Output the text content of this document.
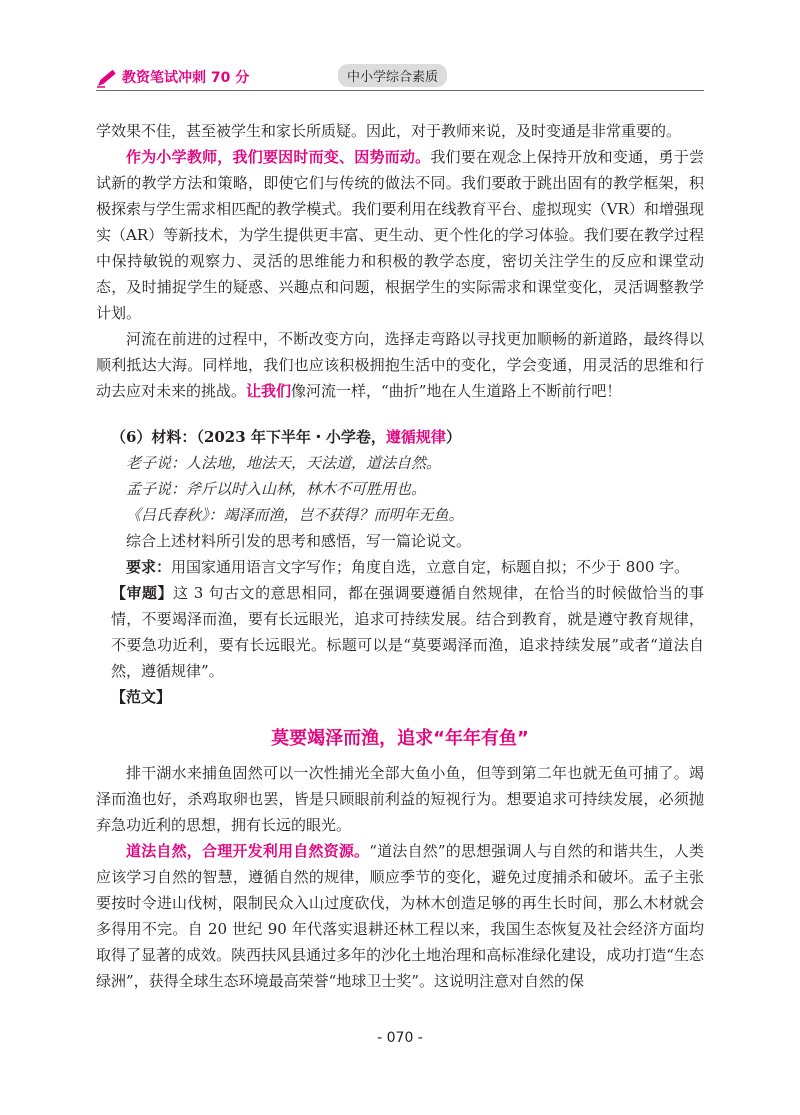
教资笔试冲刺 70 分	中小学综合素质

学效果不佳，甚至被学生和家长所质疑。因此，对于教师来说，及时变通是非常重要的。

作为小学教师，我们要因时而变、因势而动。我们要在观念上保持开放和变通，勇于尝试新的教学方法和策略，即使它们与传统的做法不同。我们要敢于跳出固有的教学框架，积极探索与学生需求相匹配的教学模式。我们要利用在线教育平台、虚拟现实（VR）和增强现实（AR）等新技术，为学生提供更丰富、更生动、更个性化的学习体验。我们要在教学过程中保持敏锐的观察力、灵活的思维能力和积极的教学态度，密切关注学生的反应和课堂动态，及时捕捉学生的疑惑、兴趣点和问题，根据学生的实际需求和课堂变化，灵活调整教学计划。

河流在前进的过程中，不断改变方向，选择走弯路以寻找更加顺畅的新道路，最终得以顺利抵达大海。同样地，我们也应该积极拥抱生活中的变化，学会变通，用灵活的思维和行动去应对未来的挑战。让我们像河流一样，“曲折”地在人生道路上不断前行吧！

（6）材料：（2023 年下半年・小学卷，遵循规律）

老子说：人法地，地法天，天法道，道法自然。

孟子说：斧斤以时入山林，林木不可胜用也。

《吕氏春秋》：竭泽而渔，岂不获得？而明年无鱼。

综合上述材料所引发的思考和感悟，写一篇论说文。

要求：用国家通用语言文字写作；角度自选，立意自定，标题自拟；不少于 800 字。

【审题】这 3 句古文的意思相同，都在强调要遵循自然规律，在恰当的时候做恰当的事情，不要竭泽而渔，要有长远眼光，追求可持续发展。结合到教育，就是遵守教育规律，不要急功近利，要有长远眼光。标题可以是“莫要竭泽而渔，追求持续发展”或者“道法自然，遵循规律”。

【范文】

莫要竭泽而渔，追求“年年有鱼”

排干湖水来捕鱼固然可以一次性捕光全部大鱼小鱼，但等到第二年也就无鱼可捕了。竭泽而渔也好，杀鸡取卵也罢，皆是只顾眼前利益的短视行为。想要追求可持续发展，必须抛弃急功近利的思想，拥有长远的眼光。

道法自然，合理开发利用自然资源。“道法自然”的思想强调人与自然的和谐共生，人类应该学习自然的智慧，遵循自然的规律，顺应季节的变化，避免过度捕杀和破坏。孟子主张要按时令进山伐树，限制民众入山过度砍伐，为林木创造足够的再生长时间，那么木材就会多得用不完。自 20 世纪 90 年代落实退耕还林工程以来，我国生态恢复及社会经济方面均取得了显著的成效。陕西扶风县通过多年的沙化土地治理和高标准绿化建设，成功打造“生态绿洲”，获得全球生态环境最高荣誉“地球卫士奖”。这说明注意对自然的保

- 070 -
